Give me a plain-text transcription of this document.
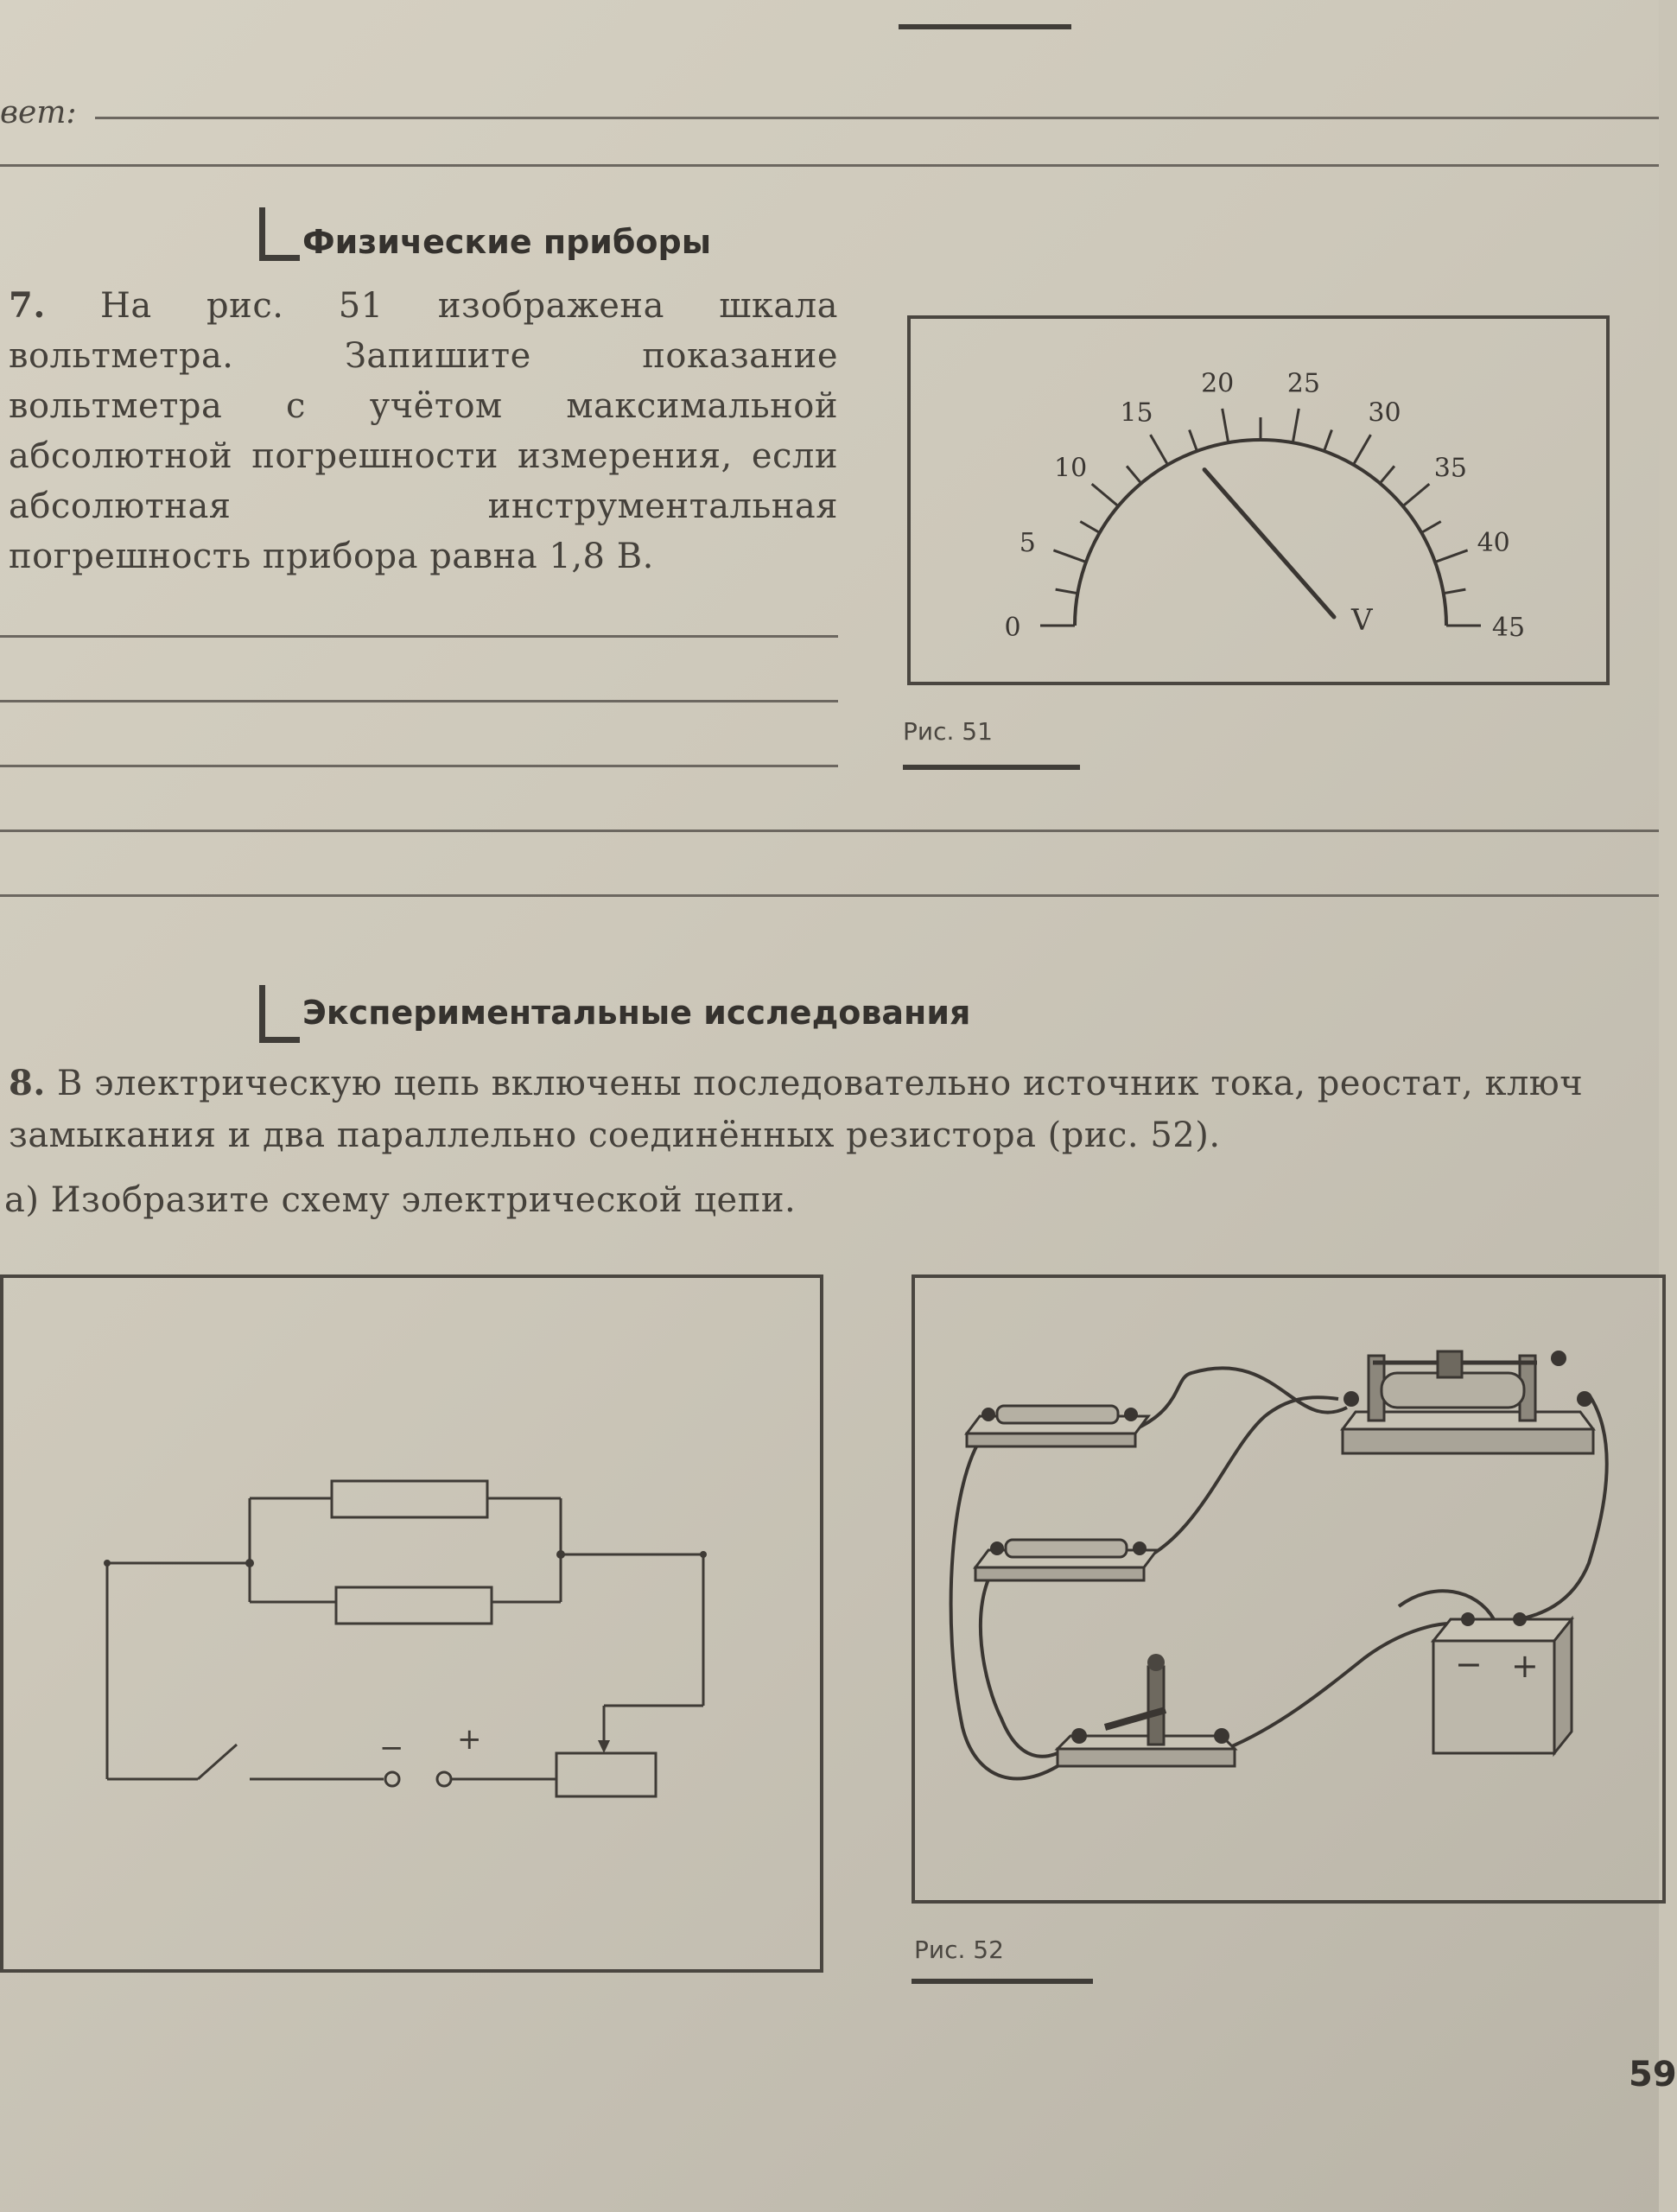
вет:
Физические приборы
7. На рис. 51 изображена шкала вольтметра. Запишите показание вольтметра с учётом максимальной абсолютной погрешности измерения, если абсолютная инструментальная погрешность прибора равна 1,8 В.
0
5
10
15
20 25
30
35
40
45
V
Рис. 51
Экспериментальные исследования
8. В электрическую цепь включены последовательно источник тока, реостат, ключ
замыкания и два параллельно соединённых резистора (рис. 52).
а) Изобразите схему электрической цепи.
− +
− +
Рис. 52
59
